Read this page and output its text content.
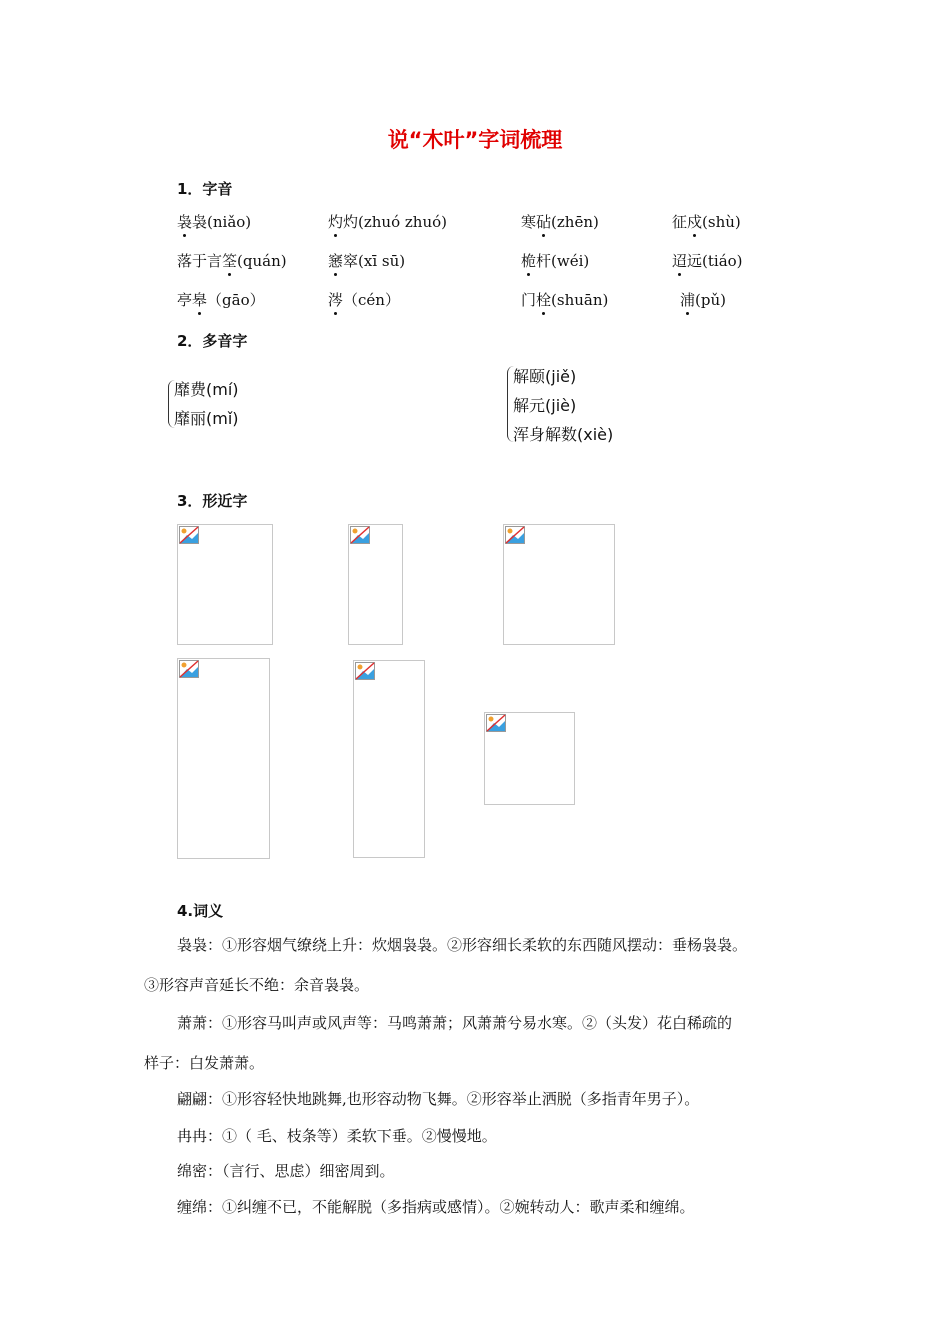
说“木叶”字词梳理
1．字音
袅袅(niǎo)	灼灼(zhuó zhuó)	寒砧(zhēn)	征戍(shù)
落于言筌(quán)	窸窣(xī sū)	桅杆(wéi)	迢远(tiáo)
亭皋（gāo）	涔（cén）	门栓(shuān)	浦(pǔ)
2．多音字
靡费(mí)
靡丽(mǐ)
解颐(jiě)
解元(jiè)
浑身解数(xiè)
3．形近字
4.词义
袅袅：①形容烟气缭绕上升：炊烟袅袅。②形容细长柔软的东西随风摆动：垂杨袅袅。
③形容声音延长不绝：余音袅袅。
萧萧：①形容马叫声或风声等：马鸣萧萧；风萧萧兮易水寒。②（头发）花白稀疏的
样子：白发萧萧。
翩翩：①形容轻快地跳舞,也形容动物飞舞。②形容举止洒脱（多指青年男子）。
冉冉：①（ 毛、枝条等）柔软下垂。②慢慢地。
绵密：（言行、思虑）细密周到。
缠绵：①纠缠不已，不能解脱（多指病或感情）。②婉转动人：歌声柔和缠绵。
